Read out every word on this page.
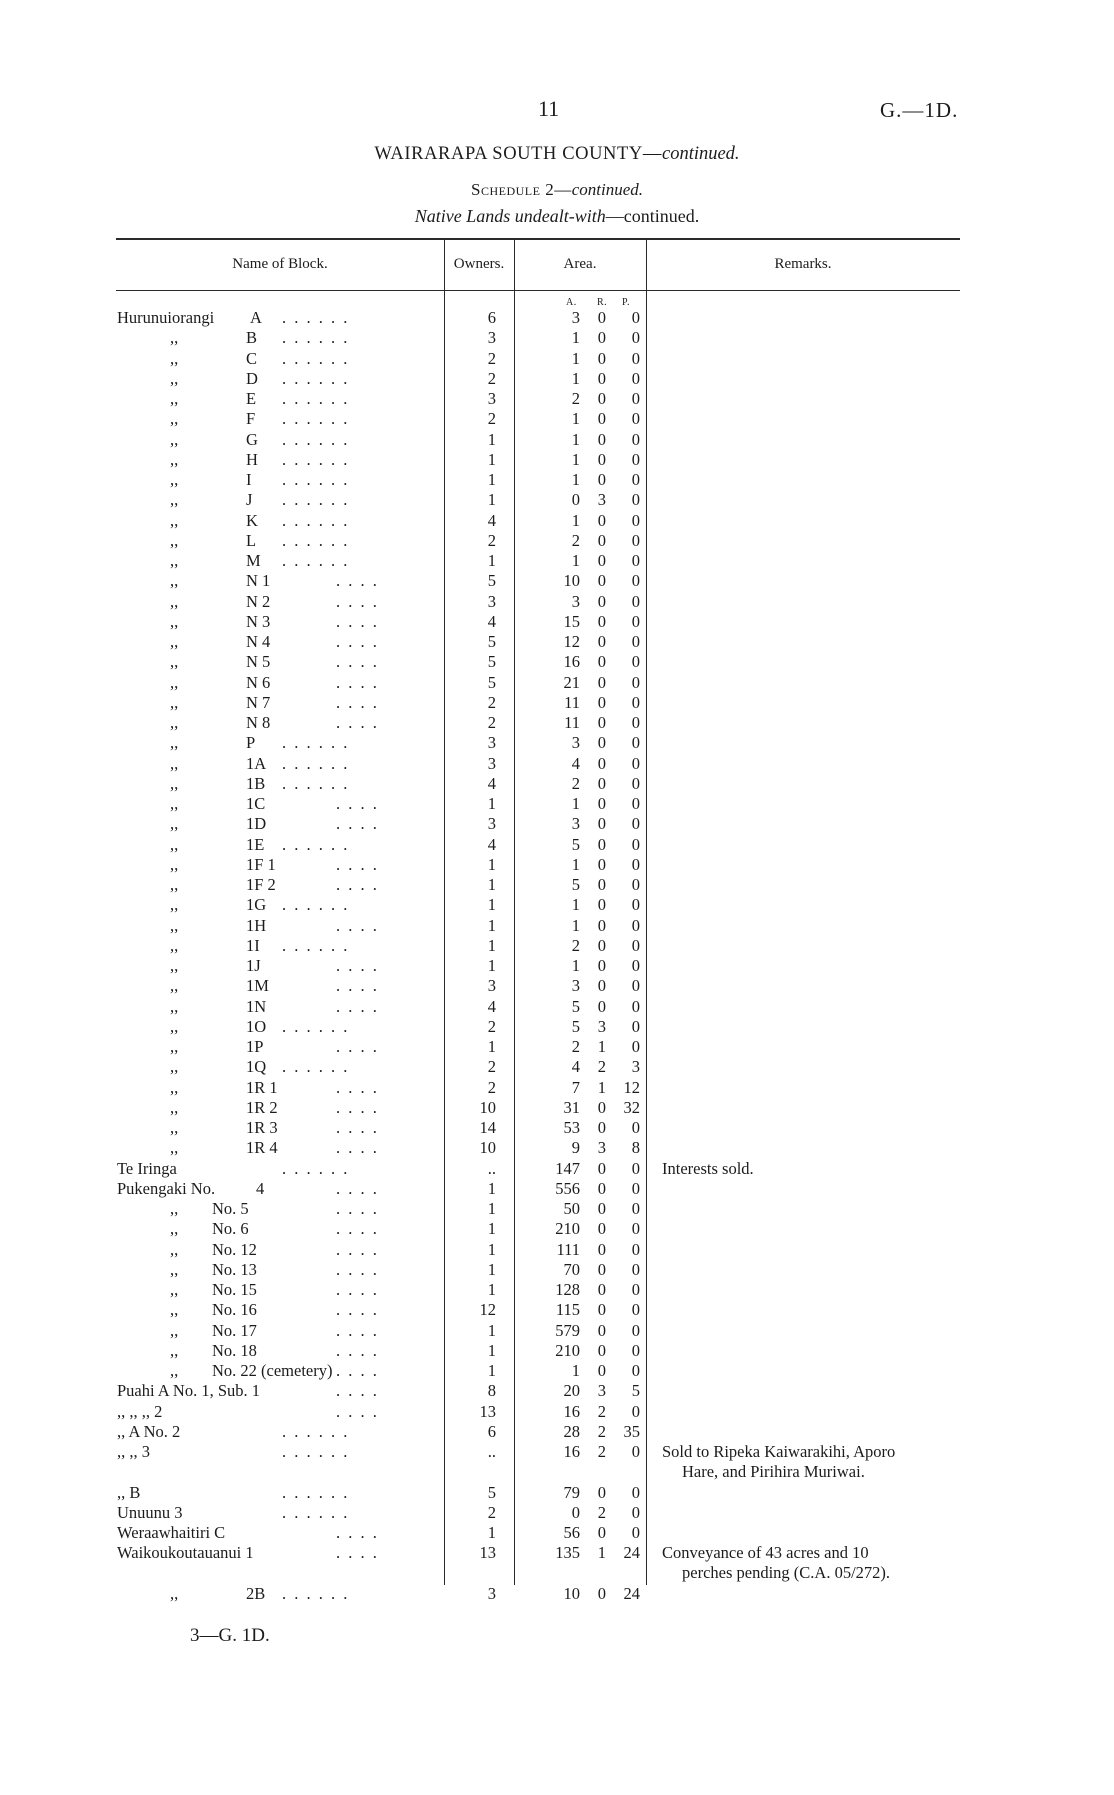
11	G.—1D.
WAIRARAPA SOUTH COUNTY—continued.
Schedule 2—continued.
Native Lands undealt-with—continued.
Name of Block.	Owners.	Area.	Remarks.
A. R. P.
Hurunuiorangi A . . . . . .	6	3	0	0
,,	B . . . . . .	3	1	0	0
,,	C . . . . . .	2	1	0	0
,,	D . . . . . .	2	1	0	0
,,	E . . . . . .	3	2	0	0
,,	F . . . . . .	2	1	0	0
,,	G . . . . . .	1	1	0	0
,,	H . . . . . .	1	1	0	0
,,	I . . . . . .	1	1	0	0
,,	J . . . . . .	1	0	3	0
,,	K . . . . . .	4	1	0	0
,,	L . . . . . .	2	2	0	0
,,	M . . . . . .	1	1	0	0
,,	N 1	. . . .	5	10	0	0
,,	N 2	. . . .	3	3	0	0
,,	N 3	. . . .	4	15	0	0
,,	N 4	. . . .	5	12	0	0
,,	N 5	. . . .	5	16	0	0
,,	N 6	. . . .	5	21	0	0
,,	N 7	. . . .	2	11	0	0
,,	N 8	. . . .	2	11	0	0
,,	P . . . . . .	3	3	0	0
,,	1A . . . . . .	3	4	0	0
,,	1B . . . . . .	4	2	0	0
,,	1C	. . . .	1	1	0	0
,,	1D	. . . .	3	3	0	0
,,	1E . . . . . .	4	5	0	0
,,	1F 1	. . . .	1	1	0	0
,,	1F 2	. . . .	1	5	0	0
,,	1G . . . . . .	1	1	0	0
,,	1H	. . . .	1	1	0	0
,,	1I . . . . . .	1	2	0	0
,,	1J	. . . .	1	1	0	0
,,	1M	. . . .	3	3	0	0
,,	1N	. . . .	4	5	0	0
,,	1O . . . . . .	2	5	3	0
,,	1P	. . . .	1	2	1	0
,,	1Q . . . . . .	2	4	2	3
,,	1R 1	. . . .	2	7	1	12
,,	1R 2	. . . .	10	31	0	32
,,	1R 3	. . . .	14	53	0	0
,,	1R 4	. . . .	10	9	3	8
Te Iringa	. . . . . .	..	147	0	0 Interests sold.
Pukengaki No. 4	. . . .	1	556	0	0
,, No. 5	. . . .	1	50	0	0
,, No. 6	. . . .	1	210	0	0
,, No. 12	. . . .	1	111	0	0
,, No. 13	. . . .	1	70	0	0
,, No. 15	. . . .	1	128	0	0
,, No. 16	. . . .	12	115	0	0
,, No. 17	. . . .	1	579	0	0
,, No. 18	. . . .	1	210	0	0
,, No. 22 (cemetery) . . . .	1	1	0	0
Puahi A No. 1, Sub. 1	. . . .	8	20	3	5
,, ,, ,, 2	. . . .	13	16	2	0
,, A No. 2	. . . . . .	6	28	2	35
,, ,, 3	. . . . . .	..	16	2	0 Sold to Ripeka Kaiwarakihi, Aporo
Hare, and Pirihira Muriwai.
,, B	. . . . . .	5	79	0	0
Unuunu 3	. . . . . .	2	0	2	0
Weraawhaitiri C	. . . .	1	56	0	0
Waikoukoutauanui 1	. . . .	13	135	1	24 Conveyance of 43 acres and 10
perches pending (C.A. 05/272).
,,	2B . . . . . .	3	10	0	24
3—G. 1D.
